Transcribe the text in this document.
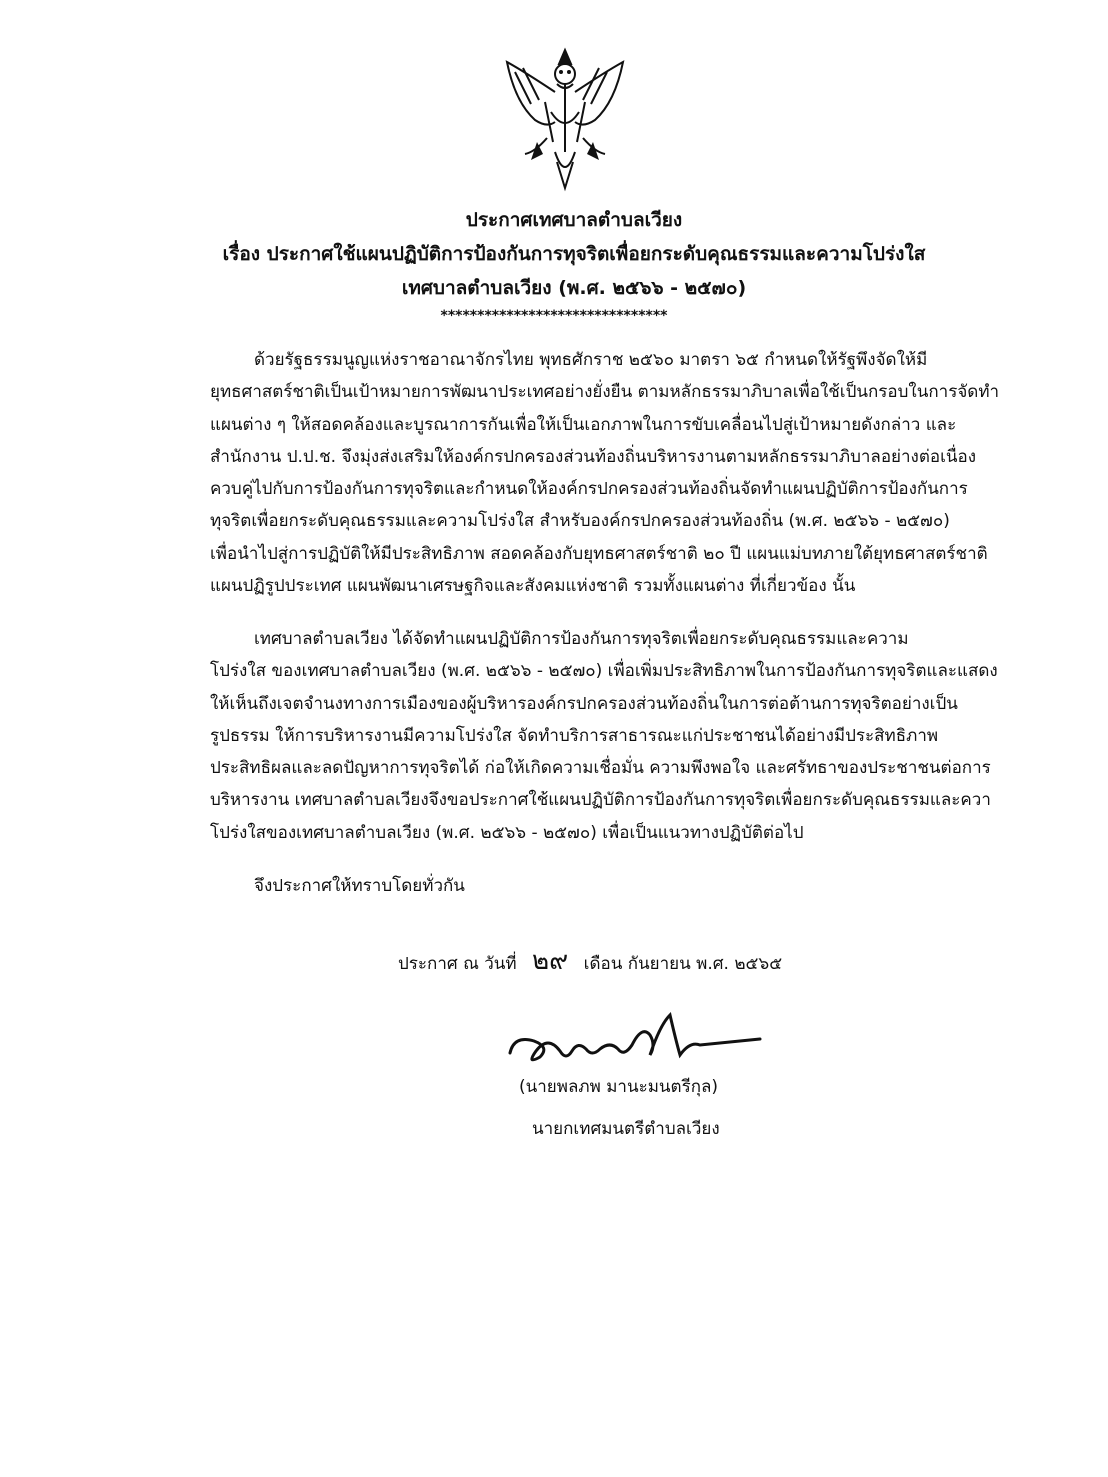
ประกาศเทศบาลตำบลเวียง
เรื่อง ประกาศใช้แผนปฏิบัติการป้องกันการทุจริตเพื่อยกระดับคุณธรรมและความโปร่งใส
เทศบาลตำบลเวียง (พ.ศ. ๒๕๖๖ - ๒๕๗๐)
*******************************

ด้วยรัฐธรรมนูญแห่งราชอาณาจักรไทย พุทธศักราช ๒๕๖๐ มาตรา ๖๕ กำหนดให้รัฐพึงจัดให้มี

ยุทธศาสตร์ชาติเป็นเป้าหมายการพัฒนาประเทศอย่างยั่งยืน ตามหลักธรรมาภิบาลเพื่อใช้เป็นกรอบในการจัดทำ

แผนต่าง ๆ ให้สอดคล้องและบูรณาการกันเพื่อให้เป็นเอกภาพในการขับเคลื่อนไปสู่เป้าหมายดังกล่าว และ

สำนักงาน ป.ป.ช. จึงมุ่งส่งเสริมให้องค์กรปกครองส่วนท้องถิ่นบริหารงานตามหลักธรรมาภิบาลอย่างต่อเนื่อง

ควบคู่ไปกับการป้องกันการทุจริตและกำหนดให้องค์กรปกครองส่วนท้องถิ่นจัดทำแผนปฏิบัติการป้องกันการ

ทุจริตเพื่อยกระดับคุณธรรมและความโปร่งใส สำหรับองค์กรปกครองส่วนท้องถิ่น (พ.ศ. ๒๕๖๖ - ๒๕๗๐)

เพื่อนำไปสู่การปฏิบัติให้มีประสิทธิภาพ สอดคล้องกับยุทธศาสตร์ชาติ ๒๐ ปี แผนแม่บทภายใต้ยุทธศาสตร์ชาติ

แผนปฏิรูปประเทศ แผนพัฒนาเศรษฐกิจและสังคมแห่งชาติ รวมทั้งแผนต่าง ที่เกี่ยวข้อง นั้น

เทศบาลตำบลเวียง ได้จัดทำแผนปฏิบัติการป้องกันการทุจริตเพื่อยกระดับคุณธรรมและความ

โปร่งใส ของเทศบาลตำบลเวียง (พ.ศ. ๒๕๖๖ - ๒๕๗๐) เพื่อเพิ่มประสิทธิภาพในการป้องกันการทุจริตและแสดง

ให้เห็นถึงเจตจำนงทางการเมืองของผู้บริหารองค์กรปกครองส่วนท้องถิ่นในการต่อต้านการทุจริตอย่างเป็น

รูปธรรม ให้การบริหารงานมีความโปร่งใส จัดทำบริการสาธารณะแก่ประชาชนได้อย่างมีประสิทธิภาพ

ประสิทธิผลและลดปัญหาการทุจริตได้ ก่อให้เกิดความเชื่อมั่น ความพึงพอใจ และศรัทธาของประชาชนต่อการ

บริหารงาน เทศบาลตำบลเวียงจึงขอประกาศใช้แผนปฏิบัติการป้องกันการทุจริตเพื่อยกระดับคุณธรรมและควา

โปร่งใสของเทศบาลตำบลเวียง (พ.ศ. ๒๕๖๖ - ๒๕๗๐) เพื่อเป็นแนวทางปฏิบัติต่อไป

จึงประกาศให้ทราบโดยทั่วกัน

ประกาศ ณ วันที่ ๒๙ เดือน กันยายน พ.ศ. ๒๕๖๕
(นายพลภพ มานะมนตรีกุล)
นายกเทศมนตรีตำบลเวียง
